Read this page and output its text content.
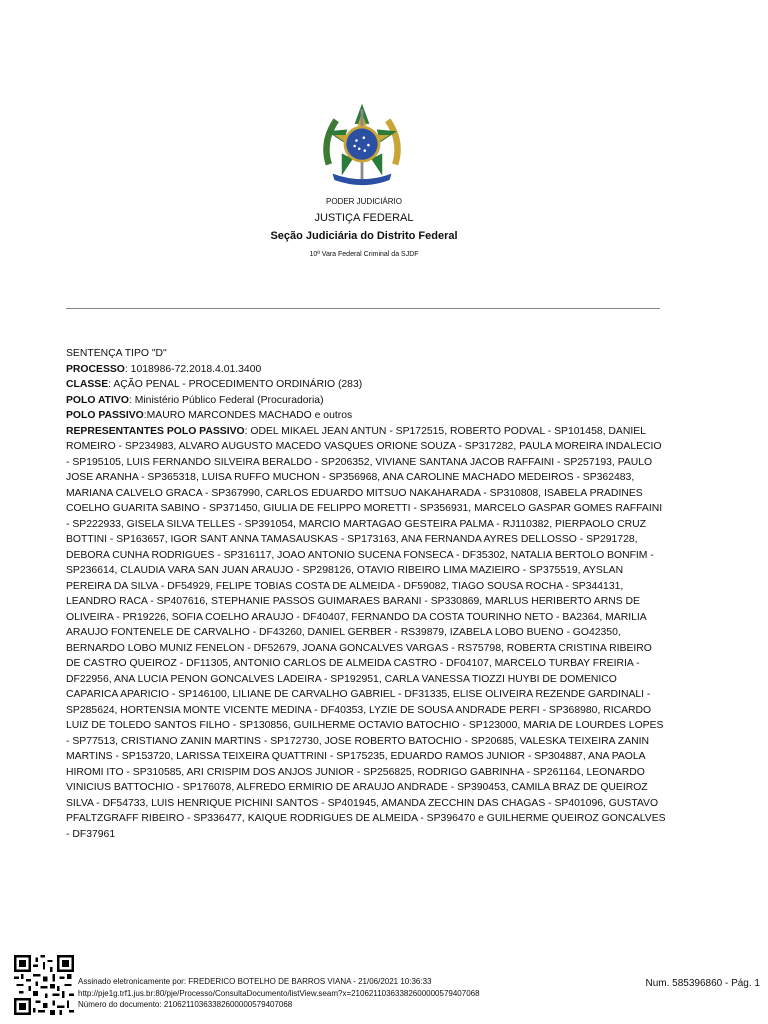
PODER JUDICIÁRIO
JUSTIÇA FEDERAL
Seção Judiciária do Distrito Federal
10ª Vara Federal Criminal da SJDF

SENTENÇA TIPO "D"

PROCESSO: 1018986-72.2018.4.01.3400

CLASSE: AÇÃO PENAL - PROCEDIMENTO ORDINÁRIO (283)

POLO ATIVO: Ministério Público Federal (Procuradoria)

POLO PASSIVO:MAURO MARCONDES MACHADO e outros

REPRESENTANTES POLO PASSIVO: ODEL MIKAEL JEAN ANTUN - SP172515, ROBERTO PODVAL - SP101458, DANIEL ROMEIRO - SP234983, ALVARO AUGUSTO MACEDO VASQUES ORIONE SOUZA - SP317282, PAULA MOREIRA INDALECIO - SP195105, LUIS FERNANDO SILVEIRA BERALDO - SP206352, VIVIANE SANTANA JACOB RAFFAINI - SP257193, PAULO JOSE ARANHA - SP365318, LUISA RUFFO MUCHON - SP356968, ANA CAROLINE MACHADO MEDEIROS - SP362483, MARIANA CALVELO GRACA - SP367990, CARLOS EDUARDO MITSUO NAKAHARADA - SP310808, ISABELA PRADINES COELHO GUARITA SABINO - SP371450, GIULIA DE FELIPPO MORETTI - SP356931, MARCELO GASPAR GOMES RAFFAINI - SP222933, GISELA SILVA TELLES - SP391054, MARCIO MARTAGAO GESTEIRA PALMA - RJ110382, PIERPAOLO CRUZ BOTTINI - SP163657, IGOR SANT ANNA TAMASAUSKAS - SP173163, ANA FERNANDA AYRES DELLOSSO - SP291728, DEBORA CUNHA RODRIGUES - SP316117, JOAO ANTONIO SUCENA FONSECA - DF35302, NATALIA BERTOLO BONFIM - SP236614, CLAUDIA VARA SAN JUAN ARAUJO - SP298126, OTAVIO RIBEIRO LIMA MAZIEIRO - SP375519, AYSLAN PEREIRA DA SILVA - DF54929, FELIPE TOBIAS COSTA DE ALMEIDA - DF59082, TIAGO SOUSA ROCHA - SP344131, LEANDRO RACA - SP407616, STEPHANIE PASSOS GUIMARAES BARANI - SP330869, MARLUS HERIBERTO ARNS DE OLIVEIRA - PR19226, SOFIA COELHO ARAUJO - DF40407, FERNANDO DA COSTA TOURINHO NETO - BA2364, MARILIA ARAUJO FONTENELE DE CARVALHO - DF43260, DANIEL GERBER - RS39879, IZABELA LOBO BUENO - GO42350, BERNARDO LOBO MUNIZ FENELON - DF52679, JOANA GONCALVES VARGAS - RS75798, ROBERTA CRISTINA RIBEIRO DE CASTRO QUEIROZ - DF11305, ANTONIO CARLOS DE ALMEIDA CASTRO - DF04107, MARCELO TURBAY FREIRIA - DF22956, ANA LUCIA PENON GONCALVES LADEIRA - SP192951, CARLA VANESSA TIOZZI HUYBI DE DOMENICO CAPARICA APARICIO - SP146100, LILIANE DE CARVALHO GABRIEL - DF31335, ELISE OLIVEIRA REZENDE GARDINALI - SP285624, HORTENSIA MONTE VICENTE MEDINA - DF40353, LYZIE DE SOUSA ANDRADE PERFI - SP368980, RICARDO LUIZ DE TOLEDO SANTOS FILHO - SP130856, GUILHERME OCTAVIO BATOCHIO - SP123000, MARIA DE LOURDES LOPES - SP77513, CRISTIANO ZANIN MARTINS - SP172730, JOSE ROBERTO BATOCHIO - SP20685, VALESKA TEIXEIRA ZANIN MARTINS - SP153720, LARISSA TEIXEIRA QUATTRINI - SP175235, EDUARDO RAMOS JUNIOR - SP304887, ANA PAOLA HIROMI ITO - SP310585, ARI CRISPIM DOS ANJOS JUNIOR - SP256825, RODRIGO GABRINHA - SP261164, LEONARDO VINICIUS BATTOCHIO - SP176078, ALFREDO ERMIRIO DE ARAUJO ANDRADE - SP390453, CAMILA BRAZ DE QUEIROZ SILVA - DF54733, LUIS HENRIQUE PICHINI SANTOS - SP401945, AMANDA ZECCHIN DAS CHAGAS - SP401096, GUSTAVO PFALTZGRAFF RIBEIRO - SP336477, KAIQUE RODRIGUES DE ALMEIDA - SP396470 e GUILHERME QUEIROZ GONCALVES - DF37961

Assinado eletronicamente por: FREDERICO BOTELHO DE BARROS VIANA - 21/06/2021 10:36:33
http://pje1g.trf1.jus.br:80/pje/Processo/ConsultaDocumento/listView.seam?x=21062110363382600000579407068
Número do documento: 21062110363382600000579407068
Num. 585396860 - Pág. 1
